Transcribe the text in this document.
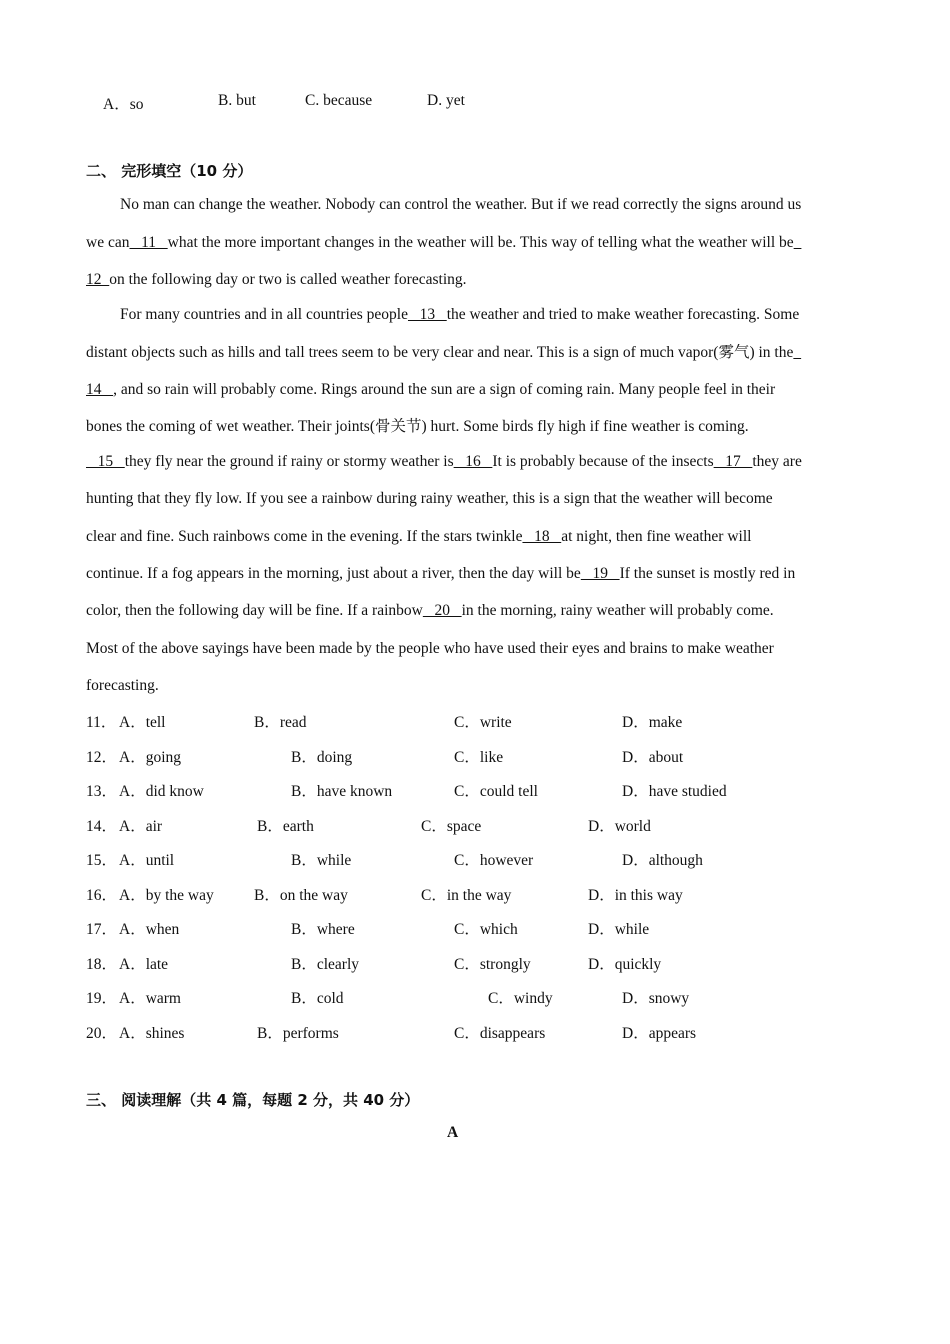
A．so	B. but	C. because	D. yet
二、 完形填空（10 分）
No man can change the weather. Nobody can control the weather. But if we read correctly the signs around us
we can   11   what the more important changes in the weather will be. This way of telling what the weather will be
12  on the following day or two is called weather forecasting.
For many countries and in all countries people   13   the weather and tried to make weather forecasting. Some
distant objects such as hills and tall trees seem to be very clear and near. This is a sign of much vapor(雾气) in the
14   , and so rain will probably come. Rings around the sun are a sign of coming rain. Many people feel in their
bones the coming of wet weather. Their joints(骨关节) hurt. Some birds fly high if fine weather is coming.
15   they fly near the ground if rainy or stormy weather is   16   It is probably because of the insects   17   they are
hunting that they fly low. If you see a rainbow during rainy weather, this is a sign that the weather will become
clear and fine. Such rainbows come in the evening. If the stars twinkle   18   at night, then fine weather will
continue. If a fog appears in the morning, just about a river, then the day will be   19   If the sunset is mostly red in
color, then the following day will be fine. If a rainbow   20   in the morning, rainy weather will probably come.
Most of the above sayings have been made by the people who have used their eyes and brains to make weather
forecasting.
11． A．tell	B．read	C．write	D．make
12． A．going	B．doing	C．like	D．about
13． A．did know	B．have known	C．could tell	D．have studied
14． A．air	B．earth	C．space	D．world
15． A．until	B．while	C．however	D．although
16． A．by the way	B．on the way	C．in the way	D．in this way
17． A．when	B．where	C．which	D．while
18． A．late	B．clearly	C．strongly	D．quickly
19． A．warm	B．cold	C．windy	D．snowy
20． A．shines	B．performs	C．disappears	D．appears
三、 阅读理解（共 4 篇，每题 2 分，共 40 分）
A
